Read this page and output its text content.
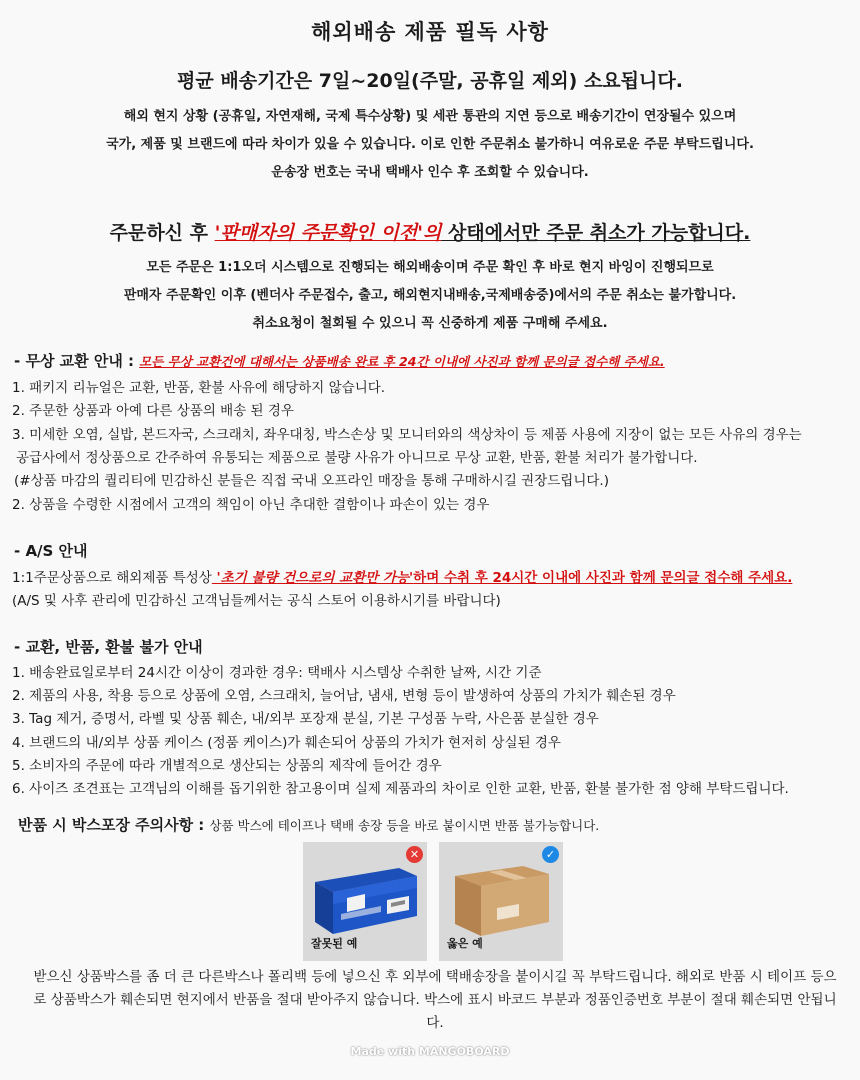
해외배송 제품 필독 사항
평균 배송기간은 7일~20일(주말, 공휴일 제외) 소요됩니다.
해외 현지 상황 (공휴일, 자연재해, 국제 특수상황) 및 세관 통관의 지연 등으로 배송기간이 연장될수 있으며
국가, 제품 및 브랜드에 따라 차이가 있을 수 있습니다. 이로 인한 주문취소 불가하니 여유로운 주문 부탁드립니다.
운송장 번호는 국내 택배사 인수 후 조회할 수 있습니다.
주문하신 후 '판매자의 주문확인 이전'의 상태에서만 주문 취소가 가능합니다.
모든 주문은 1:1오더 시스템으로 진행되는 해외배송이며 주문 확인 후 바로 현지 바잉이 진행되므로
판매자 주문확인 이후 (벤더사 주문접수, 출고, 해외현지내배송,국제배송중)에서의 주문 취소는 불가합니다.
취소요청이 철회될 수 있으니 꼭 신중하게 제품 구매해 주세요.
- 무상 교환 안내 : 모든 무상 교환건에 대해서는 상품배송 완료 후 24간 이내에 사진과 함께 문의글 접수해 주세요.
1. 패키지 리뉴얼은 교환, 반품, 환불 사유에 해당하지 않습니다.
2. 주문한 상품과 아예 다른 상품의 배송 된 경우
3. 미세한 오염, 실밥, 본드자국, 스크래치, 좌우대칭, 박스손상 및 모니터와의 색상차이 등 제품 사용에 지장이 없는 모든 사유의 경우는
공급사에서 정상품으로 간주하여 유통되는 제품으로 불량 사유가 아니므로 무상 교환, 반품, 환불 처리가 불가합니다.
(#상품 마감의 퀄리티에 민감하신 분들은 직접 국내 오프라인 매장을 통해 구매하시길 권장드립니다.)
2. 상품을 수령한 시점에서 고객의 책임이 아닌 추대한 결함이나 파손이 있는 경우
- A/S 안내
1:1주문상품으로 해외제품 특성상 '초기 불량 건으로의 교환만 가능'하며 수취 후 24시간 이내에 사진과 함께 문의글 접수해 주세요.
(A/S 및 사후 관리에 민감하신 고객님들께서는 공식 스토어 이용하시기를 바랍니다)
- 교환, 반품, 환불 불가 안내
1. 배송완료일로부터 24시간 이상이 경과한 경우: 택배사 시스템상 수취한 날짜, 시간 기준
2. 제품의 사용, 착용 등으로 상품에 오염, 스크래치, 늘어남, 냄새, 변형 등이 발생하여 상품의 가치가 훼손된 경우
3. Tag 제거, 증명서, 라벨 및 상품 훼손, 내/외부 포장재 분실, 기본 구성품 누락, 사은품 분실한 경우
4. 브랜드의 내/외부 상품 케이스 (정품 케이스)가 훼손되어 상품의 가치가 현저히 상실된 경우
5. 소비자의 주문에 따라 개별적으로 생산되는 상품의 제작에 들어간 경우
6. 사이즈 조견표는 고객님의 이해를 돕기위한 참고용이며 실제 제품과의 차이로 인한 교환, 반품, 환불 불가한 점 양해 부탁드립니다.
반품 시 박스포장 주의사항 : 상품 박스에 테이프나 택배 송장 등을 바로 붙이시면 반품 불가능합니다.
✕
잘못된 예
✓
옳은 예
받으신 상품박스를 좀 더 큰 다른박스나 폴리백 등에 넣으신 후 외부에 택배송장을 붙이시길 꼭 부탁드립니다. 해외로 반품 시 테이프 등으로 상품박스가 훼손되면 현지에서 반품을 절대 받아주지 않습니다. 박스에 표시 바코드 부분과 정품인증번호 부분이 절대 훼손되면 안됩니다.
Made with MANGOBOARD
